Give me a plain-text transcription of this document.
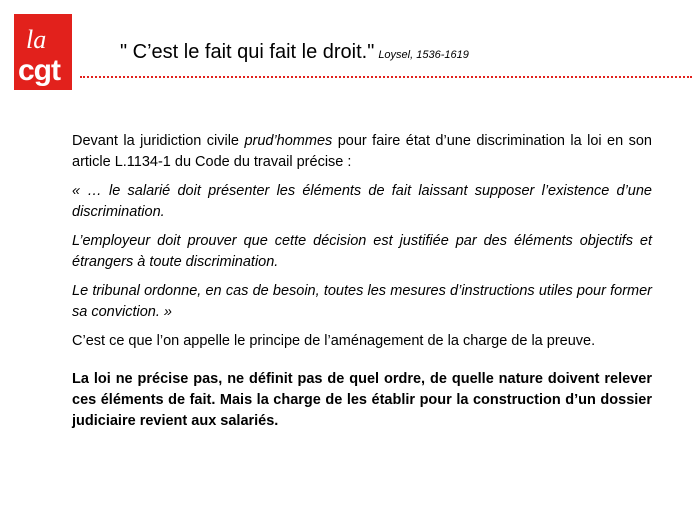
la
cgt
" C’est le fait qui fait le droit." Loysel, 1536-1619

Devant la juridiction civile prud’hommes pour faire état d’une discrimination la loi en son article L.1134-1 du Code du travail précise :

« … le salarié doit présenter les éléments de fait laissant supposer l’existence d’une discrimination.

L’employeur doit prouver que cette décision est justifiée par des éléments objectifs et étrangers à toute discrimination.

Le tribunal ordonne, en cas de besoin, toutes les mesures d’instructions utiles pour former sa conviction. »

C’est ce que l’on appelle le principe de l’aménagement de la charge de la preuve.

La loi ne précise pas, ne définit pas de quel ordre, de quelle nature doivent relever ces éléments de fait. Mais la charge de les établir pour la construction d’un dossier judiciaire revient aux salariés.
